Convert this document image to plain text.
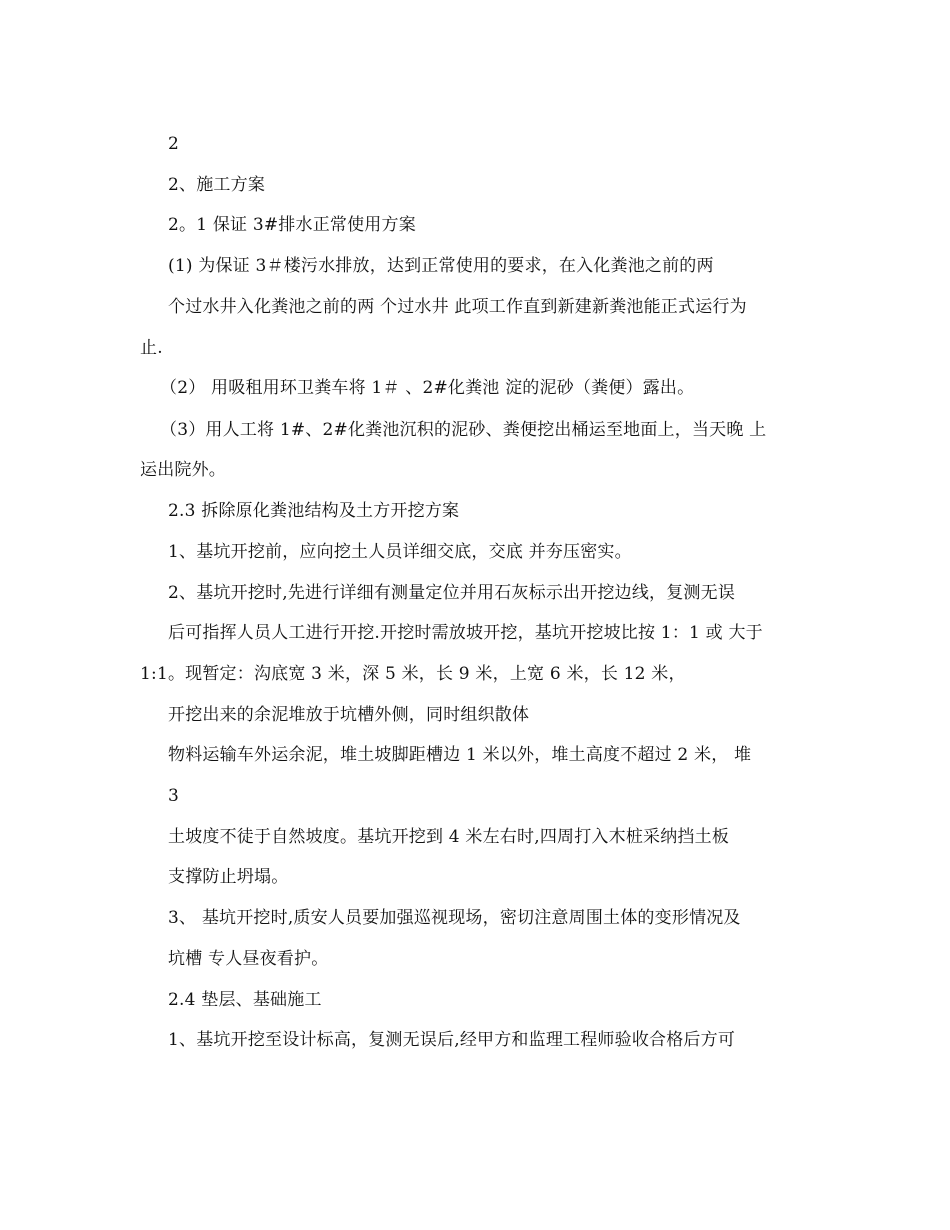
2
2、施工方案
2。1 保证 3#排水正常使用方案
(1) 为保证 3＃楼污水排放，达到正常使用的要求，在入化粪池之前的两
个过水井入化粪池之前的两 个过水井 此项工作直到新建新粪池能正式运行为
止.
（2） 用吸租用环卫粪车将 1＃ 、2#化粪池 淀的泥砂（粪便）露出。
（3）用人工将 1#、2#化粪池沉积的泥砂、粪便挖出桶运至地面上，当天晚 上
运出院外。
2.3 拆除原化粪池结构及土方开挖方案
1、基坑开挖前，应向挖土人员详细交底，交底 并夯压密实。
2、基坑开挖时,先进行详细有测量定位并用石灰标示出开挖边线，复测无误
后可指挥人员人工进行开挖.开挖时需放坡开挖，基坑开挖坡比按 1：1 或 大于
1:1。现暂定：沟底宽 3 米，深 5 米，长 9 米，上宽 6 米，长 12 米，
开挖出来的余泥堆放于坑槽外侧，同时组织散体
物料运输车外运余泥，堆土坡脚距槽边 1 米以外，堆土高度不超过 2 米， 堆
3
土坡度不徒于自然坡度。基坑开挖到 4 米左右时,四周打入木桩采纳挡土板
支撑防止坍塌。
3、 基坑开挖时,质安人员要加强巡视现场，密切注意周围土体的变形情况及
坑槽 专人昼夜看护。
2.4 垫层、基础施工
1、基坑开挖至设计标高，复测无误后,经甲方和监理工程师验收合格后方可
